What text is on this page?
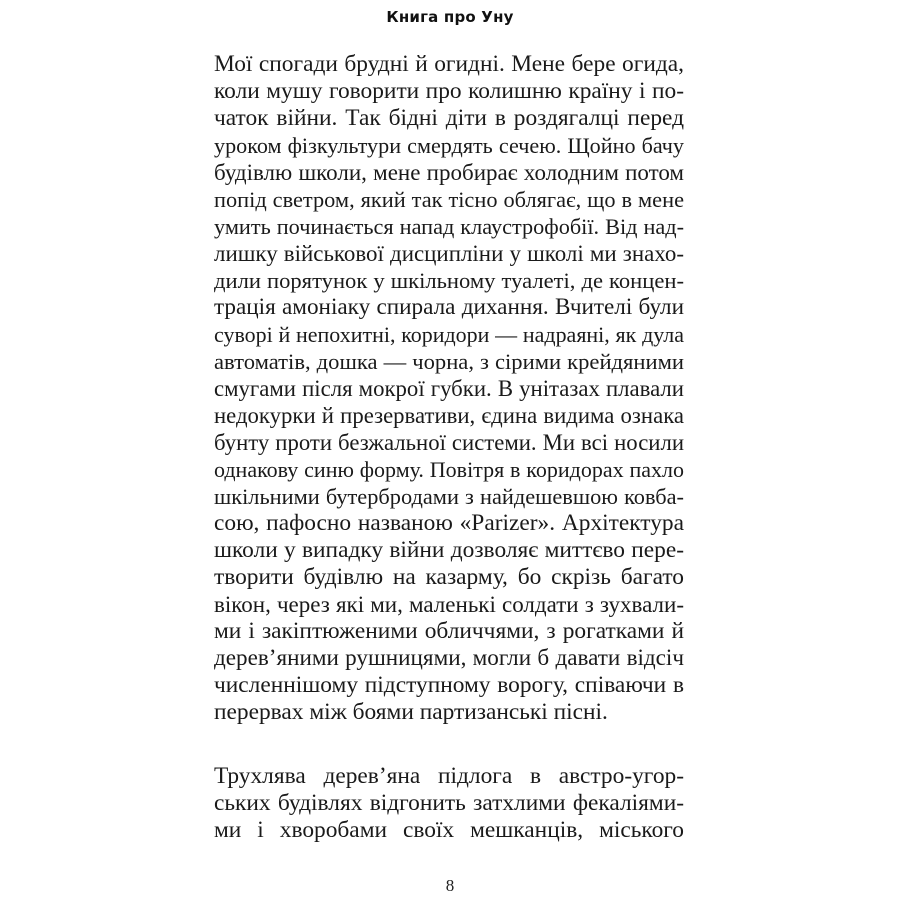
Книга про Уну
Мої спогади брудні й огидні. Мене бере огида,
коли мушу говорити про колишню країну і по-
чаток війни. Так бідні діти в роздягалці перед
уроком фізкультури смердять сечею. Щойно бачу
будівлю школи, мене пробирає холодним потом
попід светром, який так тісно облягає, що в мене
умить починається напад клаустрофобії. Від над-
лишку військової дисципліни у школі ми знахо-
дили порятунок у шкільному туалеті, де концен-
трація амоніаку спирала дихання. Вчителі були
суворі й непохитні, коридори — надраяні, як дула
автоматів, дошка — чорна, з сірими крейдяними
смугами після мокрої губки. В унітазах плавали
недокурки й презервативи, єдина видима ознака
бунту проти безжальної системи. Ми всі носили
однакову синю форму. Повітря в коридорах пахло
шкільними бутербродами з найдешевшою ковба-
сою, пафосно названою «Parizer». Архітектура
школи у випадку війни дозволяє миттєво пере-
творити будівлю на казарму, бо скрізь багато
вікон, через які ми, маленькі солдати з зухвали-
ми і закіптюженими обличчями, з рогатками й
дерев’яними рушницями, могли б давати відсіч
численнішому підступному ворогу, співаючи в
перервах між боями партизанські пісні.
Трухлява дерев’яна підлога в австро-угор-
ських будівлях відгонить затхлими фекаліями-
ми і хворобами своїх мешканців, міського
8
